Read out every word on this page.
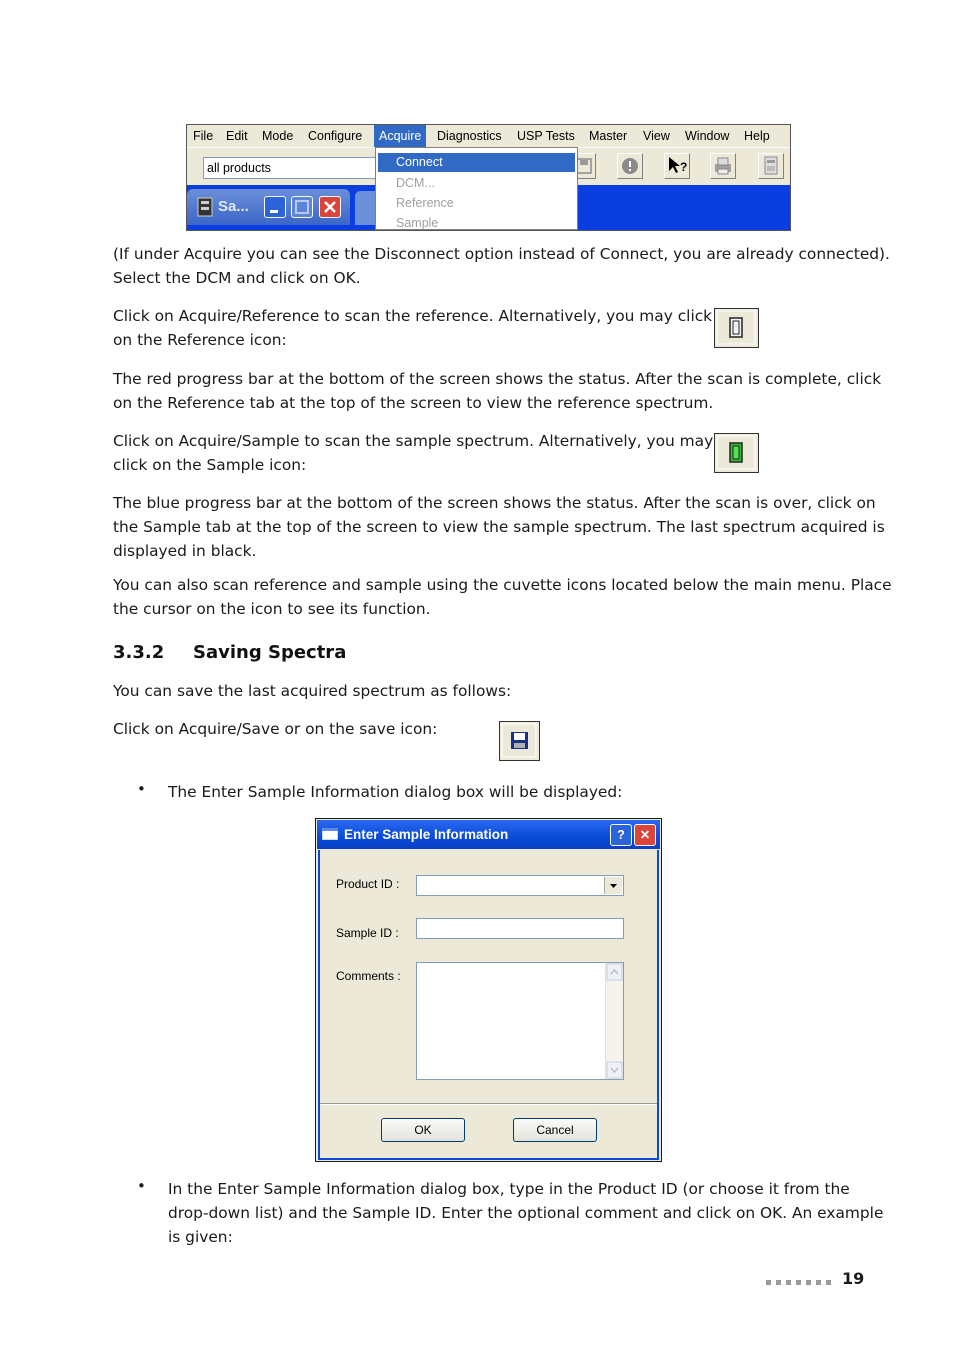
File	Edit	Mode	Configure	Acquire	Diagnostics	USP Tests	Master	View	Window	Help
all products	?
Sa...
Connect
DCM...
Reference
Sample
(If under Acquire you can see the Disconnect option instead of Connect, you are already connected).
Select the DCM and click on OK.
Click on Acquire/Reference to scan the reference. Alternatively, you may click
on the Reference icon:
The red progress bar at the bottom of the screen shows the status. After the scan is complete, click
on the Reference tab at the top of the screen to view the reference spectrum.
Click on Acquire/Sample to scan the sample spectrum. Alternatively, you may
click on the Sample icon:
The blue progress bar at the bottom of the screen shows the status. After the scan is over, click on
the Sample tab at the top of the screen to view the sample spectrum. The last spectrum acquired is
displayed in black.
You can also scan reference and sample using the cuvette icons located below the main menu. Place
the cursor on the icon to see its function.
3.3.2 Saving Spectra
You can save the last acquired spectrum as follows:
Click on Acquire/Save or on the save icon:
• The Enter Sample Information dialog box will be displayed:
Enter Sample Information	?	✕
Product ID :
Sample ID :
Comments :
OK	Cancel
• In the Enter Sample Information dialog box, type in the Product ID (or choose it from the
drop-down list) and the Sample ID. Enter the optional comment and click on OK. An example
is given:
19
